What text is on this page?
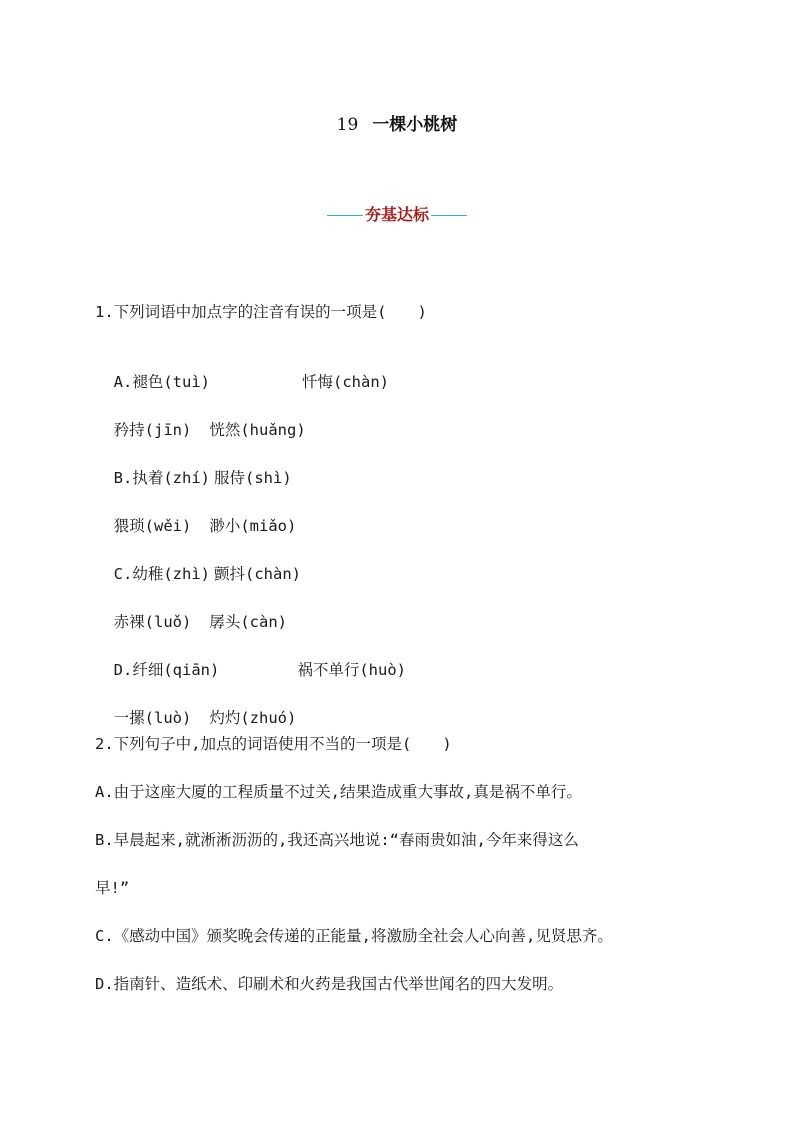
19 一棵小桃树
夯基达标
1.下列词语中加点字的注音有误的一项是(　　)

A.褪色(tuì)	忏悔(chàn)

矜持(jīn) 恍然(huǎng)

B.执着(zhí) 服侍(shì)

猥琐(wěi) 渺小(miǎo)

C.幼稚(zhì) 颤抖(chàn)

赤裸(luǒ) 孱头(càn)

D.纤细(qiān)	祸不单行(huò)

一摞(luò) 灼灼(zhuó)

2.下列句子中,加点的词语使用不当的一项是(　　)
A.由于这座大厦的工程质量不过关,结果造成重大事故,真是祸不单行。
B.早晨起来,就淅淅沥沥的,我还高兴地说:“春雨贵如油,今年来得这么
早!”
C.《感动中国》颁奖晚会传递的正能量,将激励全社会人心向善,见贤思齐。
D.指南针、造纸术、印刷术和火药是我国古代举世闻名的四大发明。
